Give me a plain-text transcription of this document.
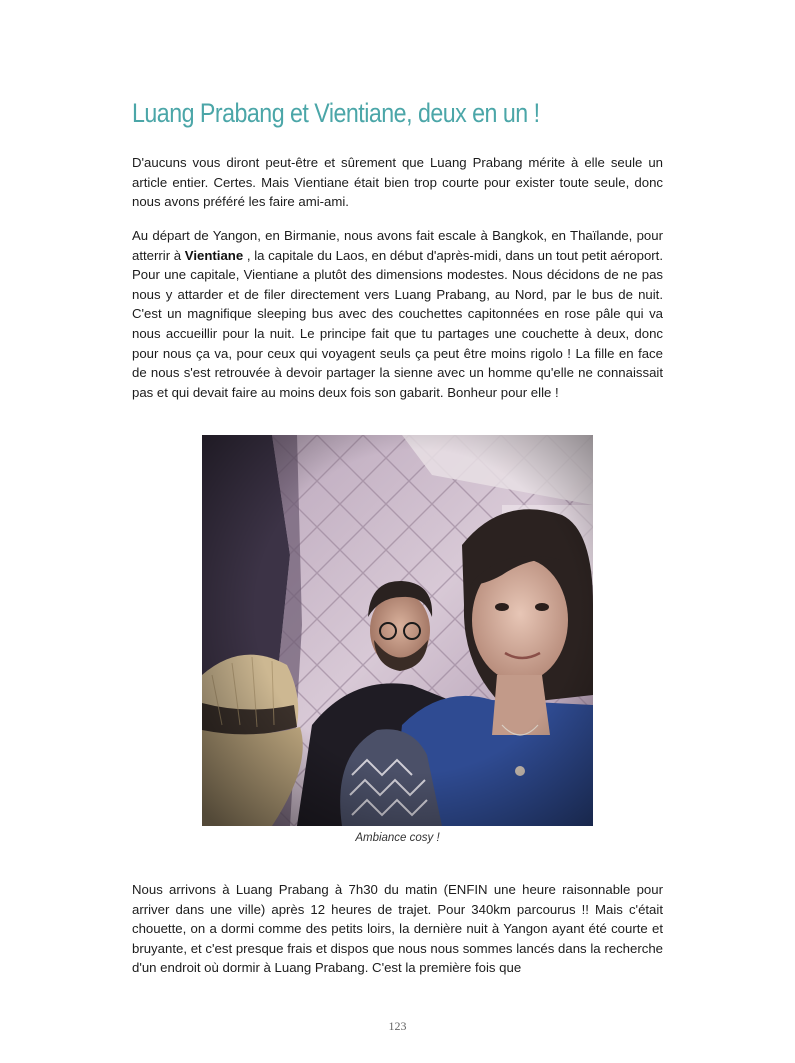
Luang Prabang et Vientiane, deux en un !

D'aucuns vous diront peut-être et sûrement que Luang Prabang mérite à elle seule un article entier. Certes. Mais Vientiane était bien trop courte pour exister toute seule, donc nous avons préféré les faire ami-ami.

Au départ de Yangon, en Birmanie, nous avons fait escale à Bangkok, en Thaïlande, pour atterrir à Vientiane , la capitale du Laos, en début d'après-midi, dans un tout petit aéroport. Pour une capitale, Vientiane a plutôt des dimensions modestes. Nous décidons de ne pas nous y attarder et de filer directement vers Luang Prabang, au Nord, par le bus de nuit. C'est un magnifique sleeping bus avec des couchettes capitonnées en rose pâle qui va nous accueillir pour la nuit. Le principe fait que tu partages une couchette à deux, donc pour nous ça va, pour ceux qui voyagent seuls ça peut être moins rigolo ! La fille en face de nous s'est retrouvée à devoir partager la sienne avec un homme qu'elle ne connaissait pas et qui devait faire au moins deux fois son gabarit. Bonheur pour elle !

Ambiance cosy !

Nous arrivons à Luang Prabang à 7h30 du matin (ENFIN une heure raisonnable pour arriver dans une ville) après 12 heures de trajet. Pour 340km parcourus !! Mais c'était chouette, on a dormi comme des petits loirs, la dernière nuit à Yangon ayant été courte et bruyante, et c'est presque frais et dispos que nous nous sommes lancés dans la recherche d'un endroit où dormir à Luang Prabang. C'est la première fois que

123
